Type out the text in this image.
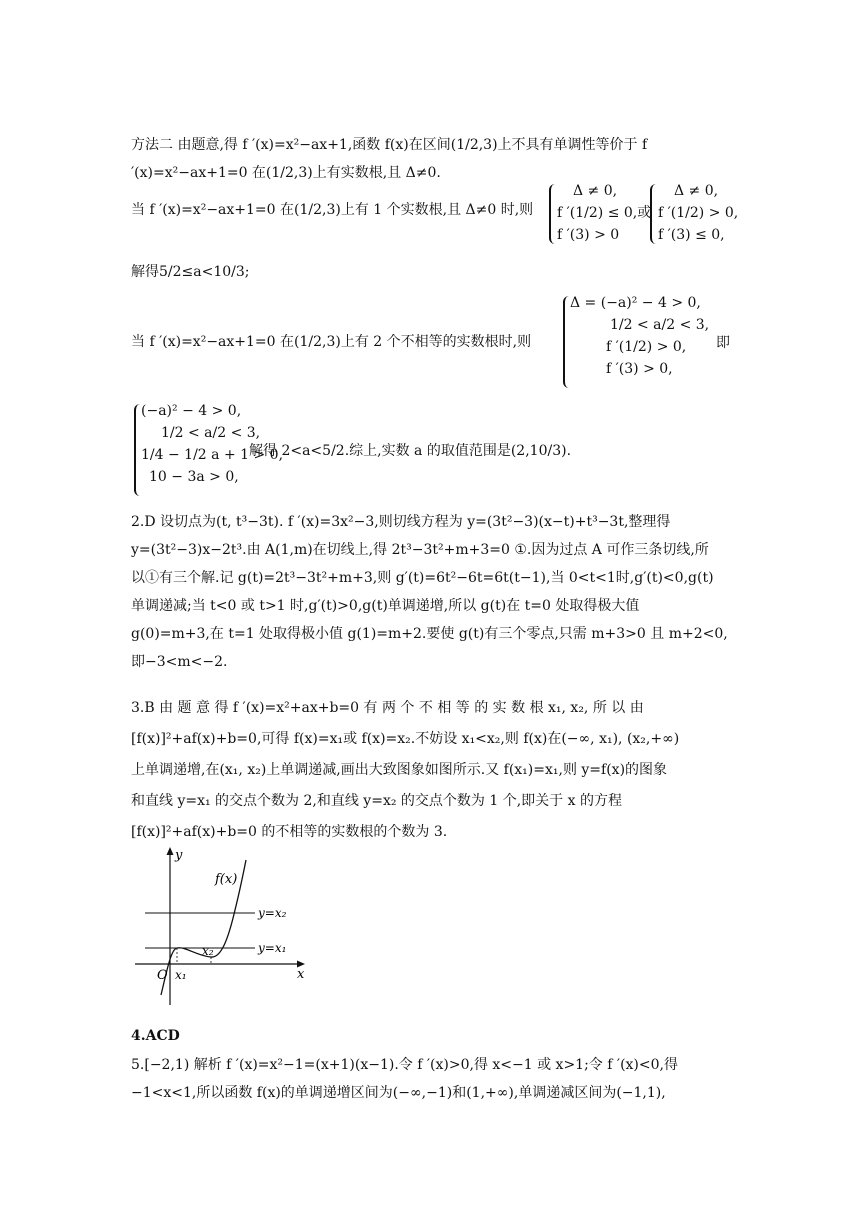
方法二 由题意,得 f ′(x)=x²−ax+1,函数 f(x)在区间(1/2,3)上不具有单调性等价于 f
′(x)=x²−ax+1=0 在(1/2,3)上有实数根,且 Δ≠0.
当 f ′(x)=x²−ax+1=0 在(1/2,3)上有 1 个实数根,且 Δ≠0 时,则
Δ ≠ 0,
f ′(1/2) ≤ 0,或
f ′(3) > 0
Δ ≠ 0,
f ′(1/2) > 0,
f ′(3) ≤ 0,
解得5/2≤a<10/3;
当 f ′(x)=x²−ax+1=0 在(1/2,3)上有 2 个不相等的实数根时,则
Δ = (−a)² − 4 > 0,
1/2 < a/2 < 3,
f ′(1/2) > 0,
f ′(3) > 0,
即
(−a)² − 4 > 0,
1/2 < a/2 < 3,
1/4 − 1/2 a + 1 > 0,
10 − 3a > 0,
解得 2<a<5/2.综上,实数 a 的取值范围是(2,10/3).
2.D 设切点为(t, t³−3t). f ′(x)=3x²−3,则切线方程为 y=(3t²−3)(x−t)+t³−3t,整理得
y=(3t²−3)x−2t³.由 A(1,m)在切线上,得 2t³−3t²+m+3=0 ①.因为过点 A 可作三条切线,所
以①有三个解.记 g(t)=2t³−3t²+m+3,则 g′(t)=6t²−6t=6t(t−1),当 0<t<1时,g′(t)<0,g(t)
单调递减;当 t<0 或 t>1 时,g′(t)>0,g(t)单调递增,所以 g(t)在 t=0 处取得极大值
g(0)=m+3,在 t=1 处取得极小值 g(1)=m+2.要使 g(t)有三个零点,只需 m+3>0 且 m+2<0,
即−3<m<−2.
3.B 由 题 意 得 f ′(x)=x²+ax+b=0 有 两 个 不 相 等 的 实 数 根 x₁, x₂, 所 以 由
[f(x)]²+af(x)+b=0,可得 f(x)=x₁或 f(x)=x₂.不妨设 x₁<x₂,则 f(x)在(−∞, x₁), (x₂,+∞)
上单调递增,在(x₁, x₂)上单调递减,画出大致图象如图所示.又 f(x₁)=x₁,则 y=f(x)的图象
和直线 y=x₁ 的交点个数为 2,和直线 y=x₂ 的交点个数为 1 个,即关于 x 的方程
[f(x)]²+af(x)+b=0 的不相等的实数根的个数为 3.
y
x
O
f(x)
y=x₂
y=x₁
x₁
x₂
4.ACD
5.[−2,1) 解析 f ′(x)=x²−1=(x+1)(x−1).令 f ′(x)>0,得 x<−1 或 x>1;令 f ′(x)<0,得
−1<x<1,所以函数 f(x)的单调递增区间为(−∞,−1)和(1,+∞),单调递减区间为(−1,1),
